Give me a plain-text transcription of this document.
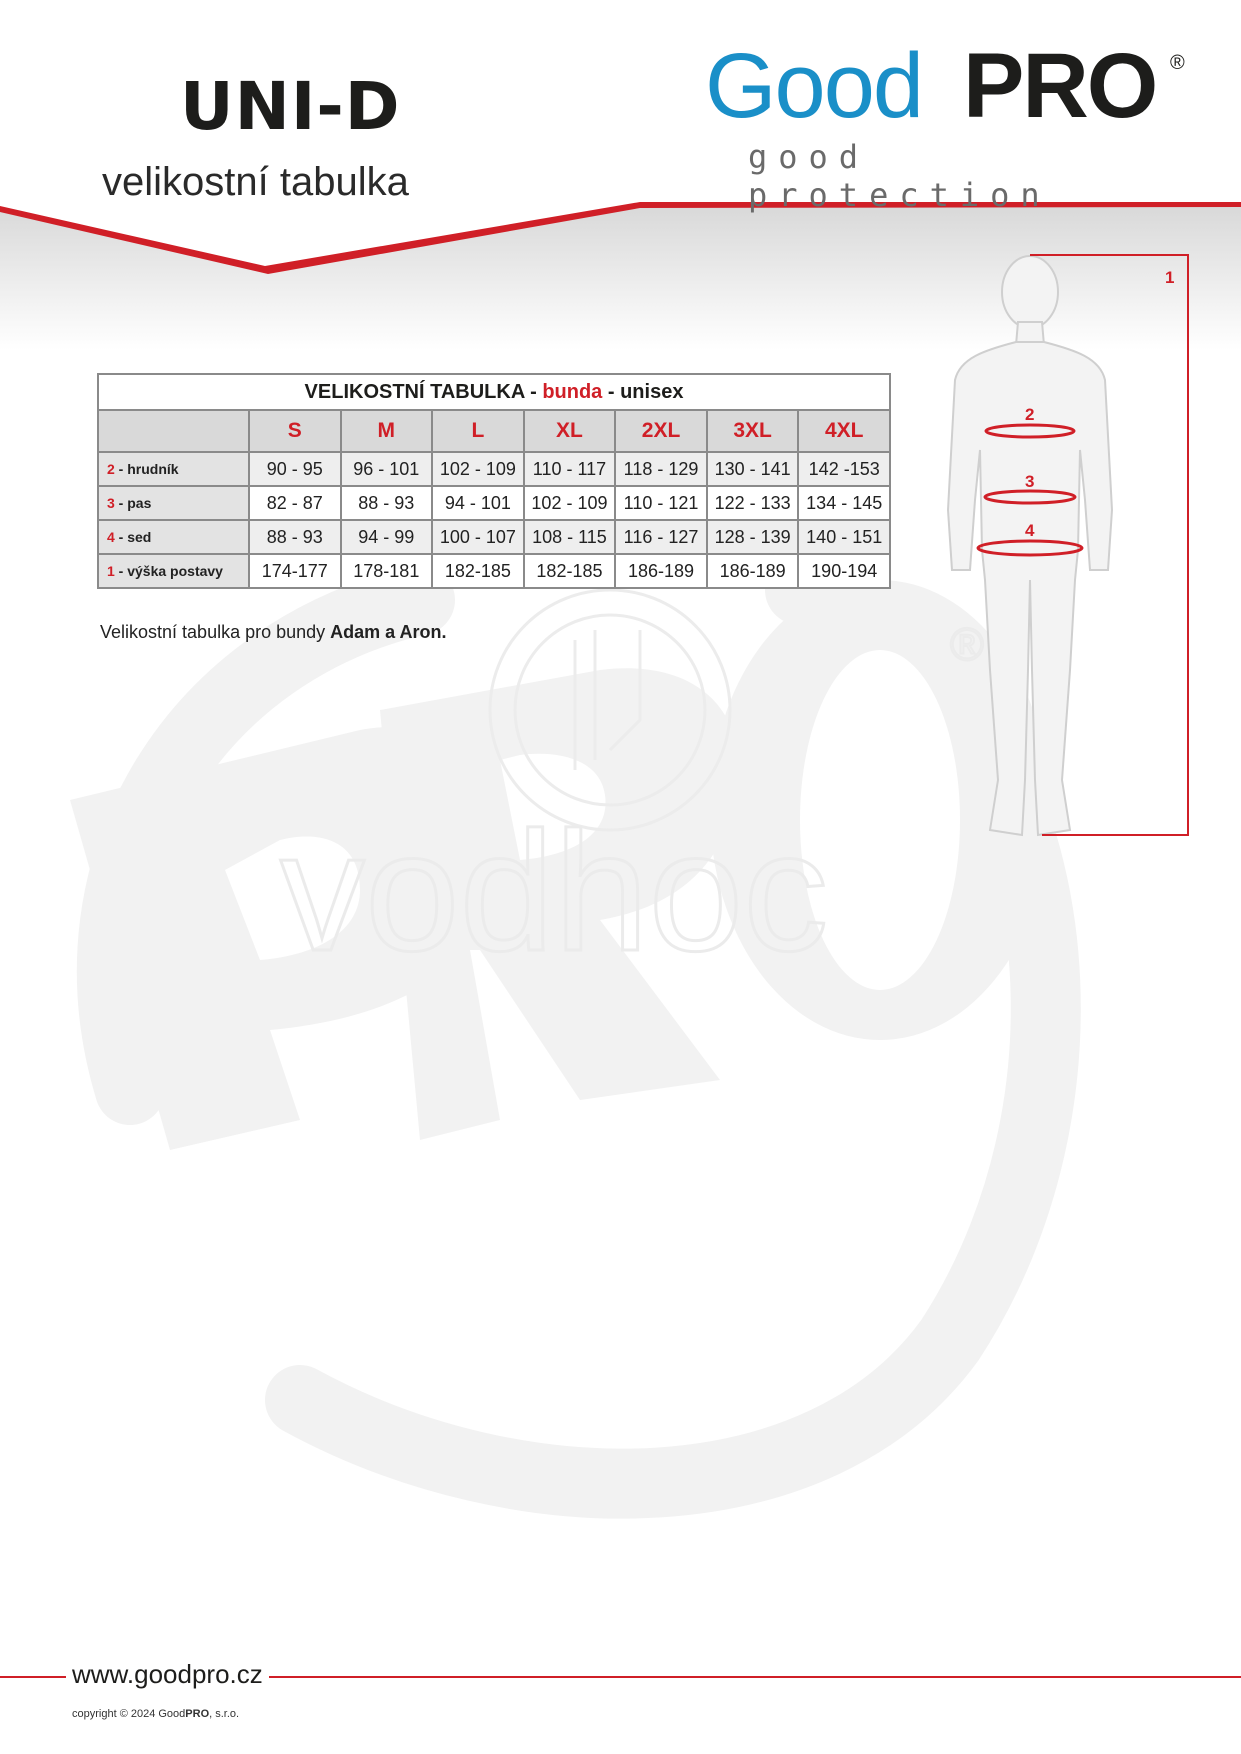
UNI-D
velikostní tabulka
Good PRO ®
good protection
vodhoc
®
VELIKOSTNÍ TABULKA - bunda - unisex							
	S	M	L	XL	2XL	3XL	4XL
2 - hrudník	90 - 95	96 - 101	102 - 109	110 - 117	118 - 129	130 - 141	142 -153
3 - pas	82 - 87	88 - 93	94 - 101	102 - 109	110 - 121	122 - 133	134 - 145
4 - sed	88 - 93	94 - 99	100 - 107	108 - 115	116 - 127	128 - 139	140 - 151
1 - výška postavy	174-177	178-181	182-185	182-185	186-189	186-189	190-194
Velikostní tabulka pro bundy Adam a Aron.
1
2
3
4
www.goodpro.cz
copyright © 2024 GoodPRO, s.r.o.
